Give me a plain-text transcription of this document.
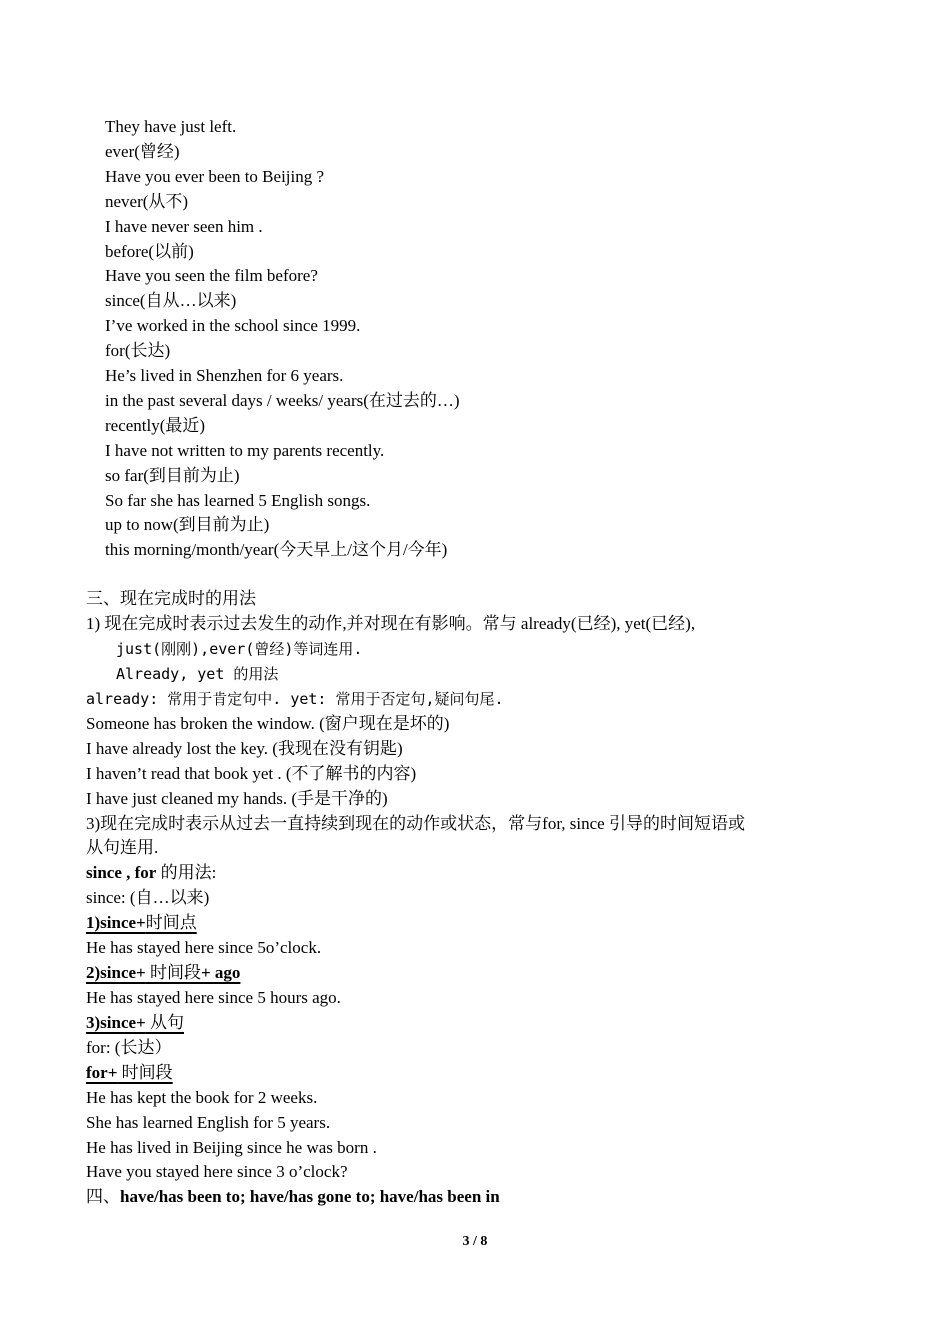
They have just left.
ever(曾经)
Have you ever been to Beijing ?
never(从不)
I have never seen him .
before(以前)
Have you seen the film before?
since(自从…以来)
I’ve worked in the school since 1999.
for(长达)
He’s lived in Shenzhen for 6 years.
in the past several days / weeks/ years(在过去的…)
recently(最近)
I have not written to my parents recently.
so far(到目前为止)
So far she has learned 5 English songs.
up to now(到目前为止)
this morning/month/year(今天早上/这个月/今年)
三、现在完成时的用法
1) 现在完成时表示过去发生的动作,并对现在有影响。常与 already(已经), yet(已经),
just(刚刚),ever(曾经)等词连用.
Already, yet 的用法
already: 常用于肯定句中. yet: 常用于否定句,疑问句尾.
Someone has broken the window. (窗户现在是坏的)
I have already lost the key. (我现在没有钥匙)
I haven’t read that book yet . (不了解书的内容)
I have just cleaned my hands. (手是干净的)
3)现在完成时表示从过去一直持续到现在的动作或状态，常与for, since 引导的时间短语或
从句连用.
since , for 的用法:
since: (自…以来)
1)since+时间点
He has stayed here since 5o’clock.
2)since+ 时间段+ ago
He has stayed here since 5 hours ago.
3)since+ 从句
for: (长达）
for+ 时间段
He has kept the book for 2 weeks.
She has learned English for 5 years.
He has lived in Beijing since he was born .
Have you stayed here since 3 o’clock?
四、have/has been to; have/has gone to; have/has been in
3 / 8
